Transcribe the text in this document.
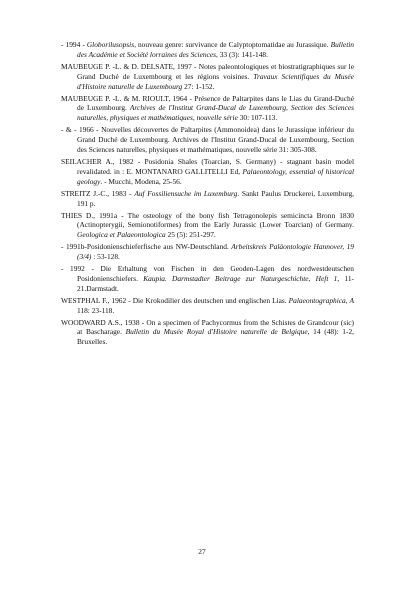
- 1994 - Globorilusopsis, nouveau genre: survivance de Calyptoptomatidae au Jurassique. Bulletin des Académie et Société lorraines des Sciences, 33 (3): 141-148.

MAUBEUGE P. -L. & D. DELSATE, 1997 - Notes paleontologiques et biostratigraphiques sur le Grand Duché de Luxembourg et les régions voisines. Travaux Scientifiques du Musée d'Histoire naturelle de Luxembourg 27: 1-152.

MAUBEUGE P. -L. & M. RIOULT, 1964 - Présence de Paltarpites dans le Lias du Grand-Duché de Luxembourg. Archives de l'Institut Grand-Ducal de Luxembourg, Section des Sciences naturelles, physiques et mathématiques, nouvelle série 30: 107-113.

- & - 1966 - Nouvelles découvertes de Paltarpites (Ammonoidea) dans le Jurassique inférieur du Grand Duché de Luxembourg. Archives de l'Institut Grand-Ducal de Luxembourg, Section des Sciences naturelles, physiques et mathématiques, nouvelle série 31: 305-308.

SEILACHER A., 1982 - Posidonia Shales (Toarcian, S. Germany) - stagnant basin model revalidated. in : E. MONTANARO GALLITELLI Ed, Palaeontology, essential of historical geology. - Mucchi, Modena, 25-56.

STREITZ J.-C., 1983 - Auf Fossiliensuche im Luxemburg. Sankt Paulus Druckerei, Luxemburg, 191 p.

THIES D., 1991a - The osteology of the bony fish Tetragonolepis semicincta Bronn 1830 (Actinopterygii, Semionotiformes) from the Early Jurassic (Lower Toarcian) of Germany. Geologica et Palaeontologica 25 (5): 251-297.

- 1991b-Posidonienschieferfische aus NW-Deutschland. Arbeitskreis Paläontologie Hannover, 19 (3/4) : 53-128.

- 1992 - Die Erhaltung von Fischen in den Geoden-Lagen des nordwestdeutschen Posidonienschiefers. Kaupia. Darmstadter Beitrage zur Naturgeschichte, Heft 1, 11-21.Darmstadt.

WESTPHAL F., 1962 - Die Krokodilier des deutschen und englischen Lias. Palaeontographica, A 118: 23-118.

WOODWARD A.S., 1938 - On a specimen of Pachycormus from the Schistes de Grandcour (sic) at Bascharage. Bulletin du Musée Royal d'Histoire naturelle de Belgique, 14 (48): 1-2, Bruxelles.

27
